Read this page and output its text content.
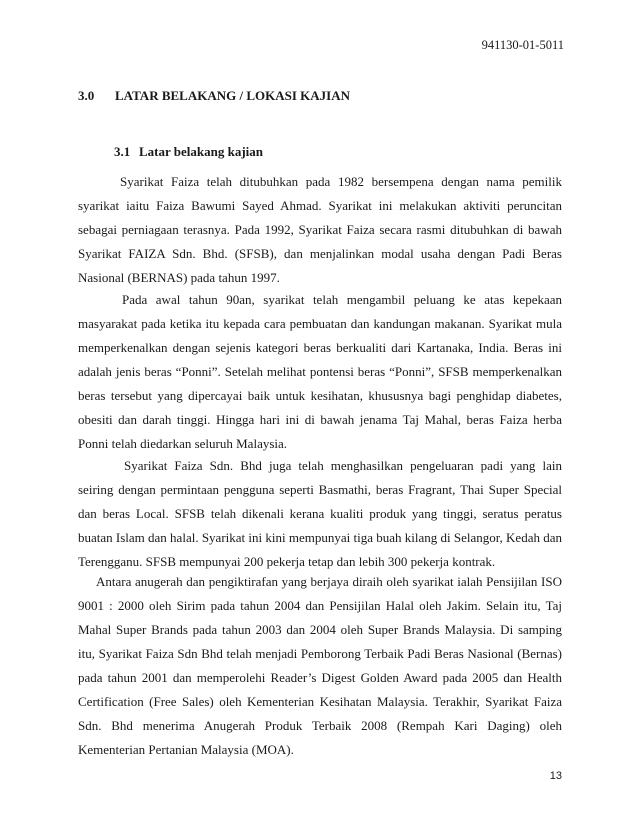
941130-01-5011
3.0 LATAR BELAKANG / LOKASI KAJIAN
3.1 Latar belakang kajian

Syarikat Faiza telah ditubuhkan pada 1982 bersempena dengan nama pemilik syarikat iaitu Faiza Bawumi Sayed Ahmad. Syarikat ini melakukan aktiviti peruncitan sebagai perniagaan terasnya. Pada 1992, Syarikat Faiza secara rasmi ditubuhkan di bawah Syarikat FAIZA Sdn. Bhd. (SFSB), dan menjalinkan modal usaha dengan Padi Beras Nasional (BERNAS) pada tahun 1997.

Pada awal tahun 90an, syarikat telah mengambil peluang ke atas kepekaan masyarakat pada ketika itu kepada cara pembuatan dan kandungan makanan. Syarikat mula memperkenalkan dengan sejenis kategori beras berkualiti dari Kartanaka, India. Beras ini adalah jenis beras “Ponni”. Setelah melihat pontensi beras “Ponni”, SFSB memperkenalkan beras tersebut yang dipercayai baik untuk kesihatan, khususnya bagi penghidap diabetes, obesiti dan darah tinggi. Hingga hari ini di bawah jenama Taj Mahal, beras Faiza herba Ponni telah diedarkan seluruh Malaysia.

Syarikat Faiza Sdn. Bhd juga telah menghasilkan pengeluaran padi yang lain seiring dengan permintaan pengguna seperti Basmathi, beras Fragrant, Thai Super Special dan beras Local. SFSB telah dikenali kerana kualiti produk yang tinggi, seratus peratus buatan Islam dan halal. Syarikat ini kini mempunyai tiga buah kilang di Selangor, Kedah dan Terengganu. SFSB mempunyai 200 pekerja tetap dan lebih 300 pekerja kontrak.

Antara anugerah dan pengiktirafan yang berjaya diraih oleh syarikat ialah Pensijilan ISO 9001 : 2000 oleh Sirim pada tahun 2004 dan Pensijilan Halal oleh Jakim. Selain itu, Taj Mahal Super Brands pada tahun 2003 dan 2004 oleh Super Brands Malaysia. Di samping itu, Syarikat Faiza Sdn Bhd telah menjadi Pemborong Terbaik Padi Beras Nasional (Bernas) pada tahun 2001 dan memperolehi Reader’s Digest Golden Award pada 2005 dan Health Certification (Free Sales) oleh Kementerian Kesihatan Malaysia. Terakhir, Syarikat Faiza Sdn. Bhd menerima Anugerah Produk Terbaik 2008 (Rempah Kari Daging) oleh Kementerian Pertanian Malaysia (MOA).

13
